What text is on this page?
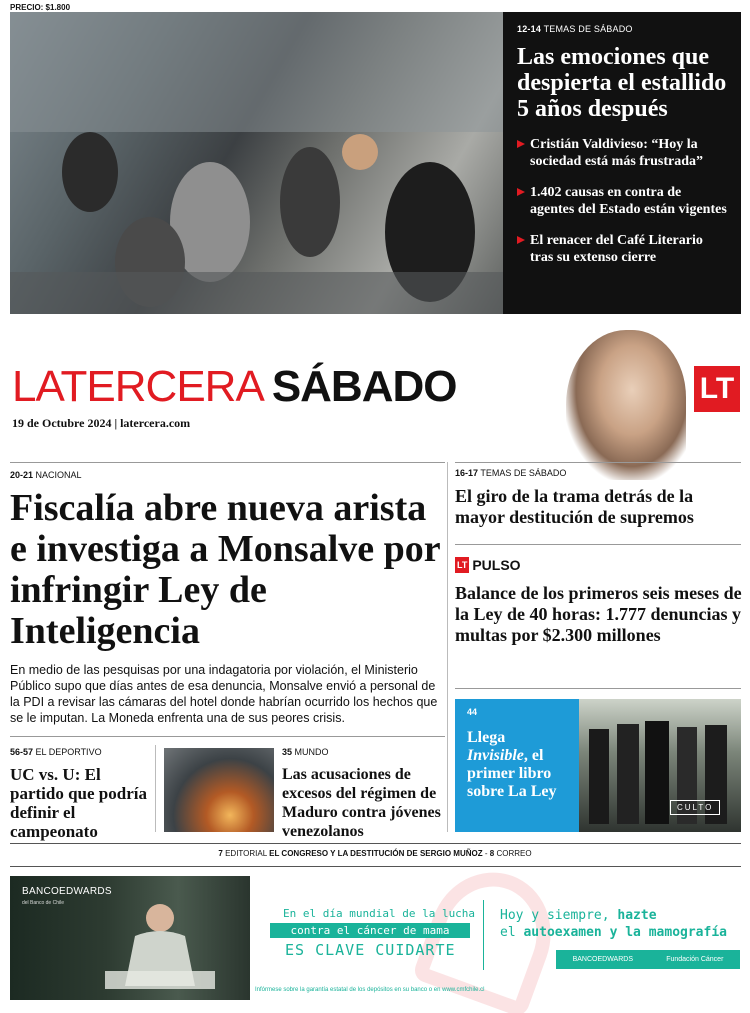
PRECIO: $1.800
12-14 TEMAS DE SÁBADO
Las emociones que despierta el estallido 5 años después
Cristián Valdivieso: “Hoy la sociedad está más frustrada”
1.402 causas en contra de agentes del Estado están vigentes
El renacer del Café Literario tras su extenso cierre
LATERCERA SÁBADO
19 de Octubre 2024 | latercera.com
LT
20-21 NACIONAL
Fiscalía abre nueva arista e investiga a Monsalve por infringir Ley de Inteligencia
En medio de las pesquisas por una indagatoria por violación, el Ministerio Público supo que días antes de esa denuncia, Monsalve envió a personal de la PDI a revisar las cámaras del hotel donde habrían ocurrido los hechos que se le imputan. La Moneda enfrenta una de sus peores crisis.
16-17 TEMAS DE SÁBADO
El giro de la trama detrás de la mayor destitución de supremos
LT PULSO
Balance de los primeros seis meses de la Ley de 40 horas: 1.777 denuncias y multas por $2.300 millones
44
Llega Invisible, el primer libro sobre La Ley
CULTO
56-57 EL DEPORTIVO
UC vs. U: El partido que podría definir el campeonato
35 MUNDO
Las acusaciones de excesos del régimen de Maduro contra jóvenes venezolanos
7 EDITORIAL EL CONGRESO Y LA DESTITUCIÓN DE SERGIO MUÑOZ - 8 CORREO
BANCOEDWARDS
del Banco de Chile
En el día mundial de la lucha
contra el cáncer de mama
ES CLAVE CUIDARTE
Hoy y siempre, hazte
el autoexamen y la mamografía
BANCOEDWARDS	Fundación Cáncer
Infórmese sobre la garantía estatal de los depósitos en su banco o en www.cmfchile.cl
